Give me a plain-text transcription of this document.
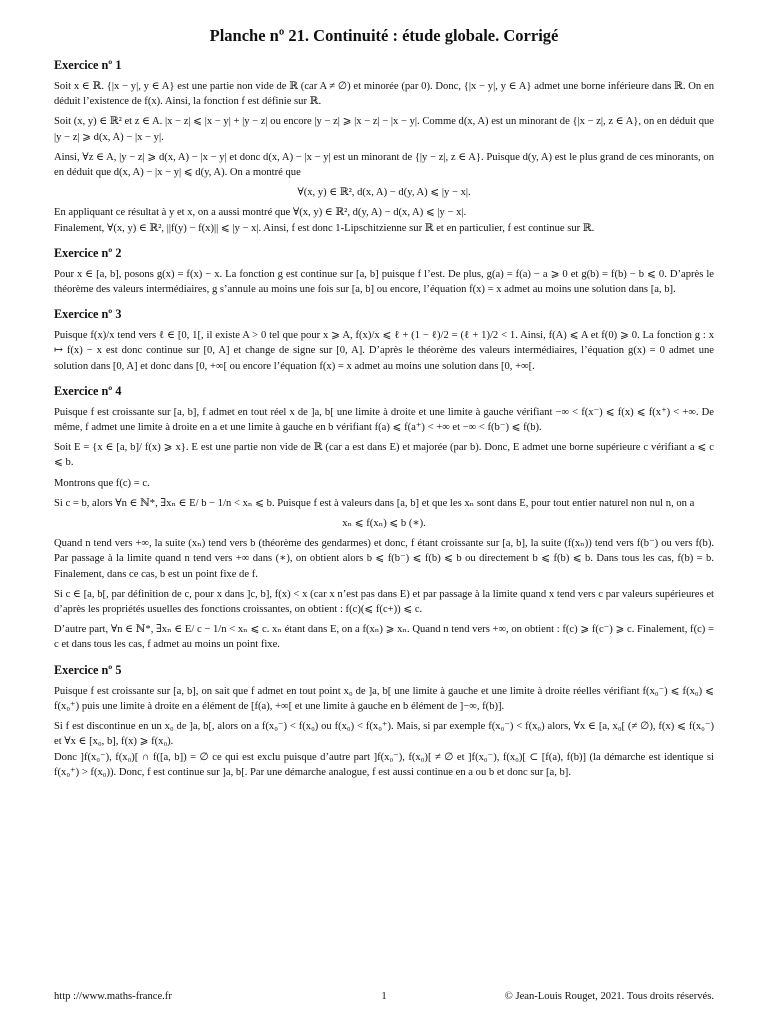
Planche nº 21. Continuité : étude globale. Corrigé
Exercice nº 1
Soit x ∈ ℝ. {|x − y|, y ∈ A} est une partie non vide de ℝ (car A ≠ ∅) et minorée (par 0). Donc, {|x − y|, y ∈ A} admet une borne inférieure dans ℝ. On en déduit l’existence de f(x). Ainsi, la fonction f est définie sur ℝ.
Soit (x, y) ∈ ℝ² et z ∈ A. |x − z| ⩽ |x − y| + |y − z| ou encore |y − z| ⩾ |x − z| − |x − y|. Comme d(x, A) est un minorant de {|x − z|, z ∈ A}, on en déduit que |y − z| ⩾ d(x, A) − |x − y|.
Ainsi, ∀z ∈ A, |y − z| ⩾ d(x, A) − |x − y| et donc d(x, A) − |x − y| est un minorant de {|y − z|, z ∈ A}. Puisque d(y, A) est le plus grand de ces minorants, on en déduit que d(x, A) − |x − y| ⩽ d(y, A). On a montré que
∀(x, y) ∈ ℝ², d(x, A) − d(y, A) ⩽ |y − x|.
En appliquant ce résultat à y et x, on a aussi montré que ∀(x, y) ∈ ℝ², d(y, A) − d(x, A) ⩽ |y − x|.
Finalement, ∀(x, y) ∈ ℝ², ||f(y) − f(x)|| ⩽ |y − x|. Ainsi, f est donc 1-Lipschitzienne sur ℝ et en particulier, f est continue sur ℝ.
Exercice nº 2
Pour x ∈ [a, b], posons g(x) = f(x) − x. La fonction g est continue sur [a, b] puisque f l’est. De plus, g(a) = f(a) − a ⩾ 0 et g(b) = f(b) − b ⩽ 0. D’après le théorème des valeurs intermédiaires, g s’annule au moins une fois sur [a, b] ou encore, l’équation f(x) = x admet au moins une solution dans [a, b].
Exercice nº 3
Puisque f(x)/x tend vers ℓ ∈ [0, 1[, il existe A > 0 tel que pour x ⩾ A, f(x)/x ⩽ ℓ + (1 − ℓ)/2 = (ℓ + 1)/2 < 1. Ainsi, f(A) ⩽ A et f(0) ⩾ 0. La fonction g : x ↦ f(x) − x est donc continue sur [0, A] et change de signe sur [0, A]. D’après le théorème des valeurs intermédiaires, l’équation g(x) = 0 admet une solution dans [0, A] et donc dans [0, +∞[ ou encore l’équation f(x) = x admet au moins une solution dans [0, +∞[.
Exercice nº 4
Puisque f est croissante sur [a, b], f admet en tout réel x de ]a, b[ une limite à droite et une limite à gauche vérifiant −∞ < f(x⁻) ⩽ f(x) ⩽ f(x⁺) < +∞. De même, f admet une limite à droite en a et une limite à gauche en b vérifiant f(a) ⩽ f(a⁺) < +∞ et −∞ < f(b⁻) ⩽ f(b).
Soit E = {x ∈ [a, b]/ f(x) ⩾ x}. E est une partie non vide de ℝ (car a est dans E) et majorée (par b). Donc, E admet une borne supérieure c vérifiant a ⩽ c ⩽ b.
Montrons que f(c) = c.
Si c = b, alors ∀n ∈ ℕ*, ∃xₙ ∈ E/ b − 1/n < xₙ ⩽ b. Puisque f est à valeurs dans [a, b] et que les xₙ sont dans E, pour tout entier naturel non nul n, on a
xₙ ⩽ f(xₙ) ⩽ b (∗).
Quand n tend vers +∞, la suite (xₙ) tend vers b (théorème des gendarmes) et donc, f étant croissante sur [a, b], la suite (f(xₙ)) tend vers f(b⁻) ou vers f(b). Par passage à la limite quand n tend vers +∞ dans (∗), on obtient alors b ⩽ f(b⁻) ⩽ f(b) ⩽ b ou directement b ⩽ f(b) ⩽ b. Dans tous les cas, f(b) = b. Finalement, dans ce cas, b est un point fixe de f.
Si c ∈ [a, b[, par définition de c, pour x dans ]c, b], f(x) < x (car x n’est pas dans E) et par passage à la limite quand x tend vers c par valeurs supérieures et d’après les propriétés usuelles des fonctions croissantes, on obtient : f(c)(⩽ f(c+)) ⩽ c.
D’autre part, ∀n ∈ ℕ*, ∃xₙ ∈ E/ c − 1/n < xₙ ⩽ c. xₙ étant dans E, on a f(xₙ) ⩾ xₙ. Quand n tend vers +∞, on obtient : f(c) ⩾ f(c⁻) ⩾ c. Finalement, f(c) = c et dans tous les cas, f admet au moins un point fixe.
Exercice nº 5
Puisque f est croissante sur [a, b], on sait que f admet en tout point x₀ de ]a, b[ une limite à gauche et une limite à droite réelles vérifiant f(x₀⁻) ⩽ f(x₀) ⩽ f(x₀⁺) puis une limite à droite en a élément de [f(a), +∞[ et une limite à gauche en b élément de ]−∞, f(b)].
Si f est discontinue en un x₀ de ]a, b[, alors on a f(x₀⁻) < f(x₀) ou f(x₀) < f(x₀⁺). Mais, si par exemple f(x₀⁻) < f(x₀) alors, ∀x ∈ [a, x₀[ (≠ ∅), f(x) ⩽ f(x₀⁻) et ∀x ∈ [x₀, b], f(x) ⩾ f(x₀).
Donc ]f(x₀⁻), f(x₀)[ ∩ f([a, b]) = ∅ ce qui est exclu puisque d’autre part ]f(x₀⁻), f(x₀)[ ≠ ∅ et ]f(x₀⁻), f(x₀)[ ⊂ [f(a), f(b)] (la démarche est identique si f(x₀⁺) > f(x₀)). Donc, f est continue sur ]a, b[. Par une démarche analogue, f est aussi continue en a ou b et donc sur [a, b].
http ://www.maths-france.fr	1	© Jean-Louis Rouget, 2021. Tous droits réservés.
